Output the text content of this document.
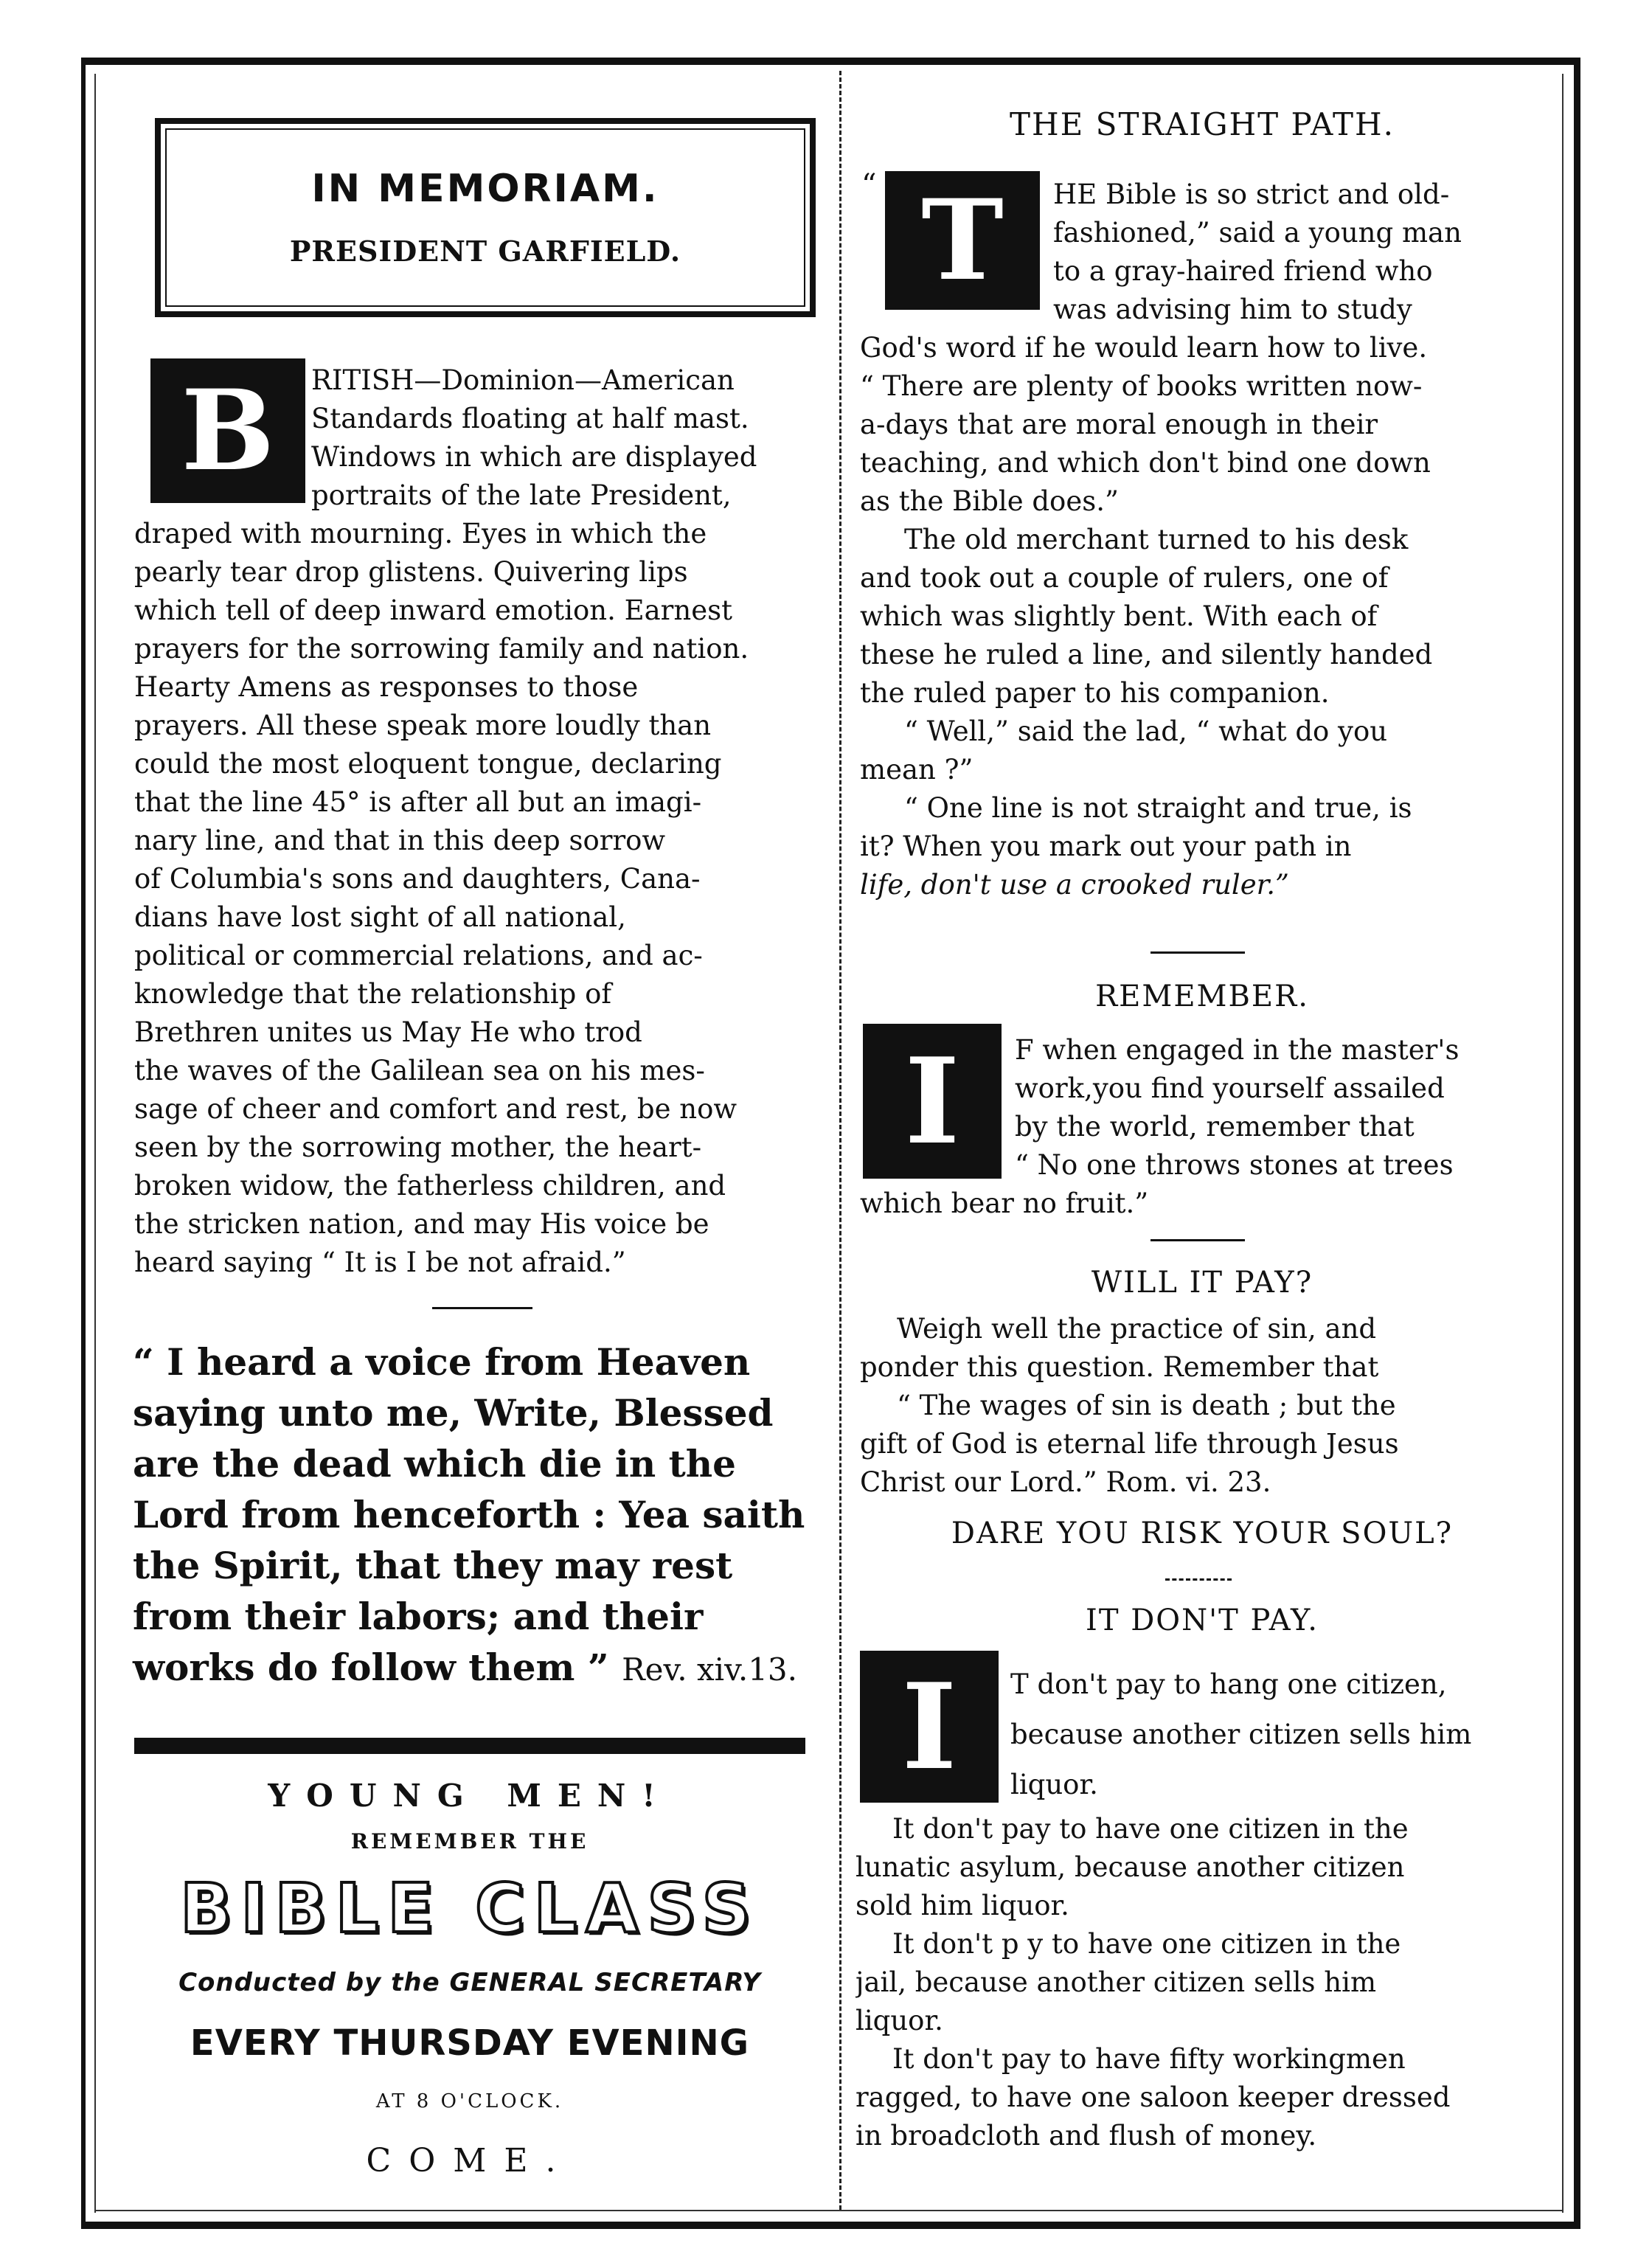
IN MEMORIAM.
PRESIDENT GARFIELD.
B	RITISH—Dominion—American
Standards floating at half mast.
Windows in which are displayed
portraits of the late President,
draped with mourning. Eyes in which the
pearly tear drop glistens. Quivering lips
which tell of deep inward emotion. Earnest
prayers for the sorrowing family and nation.
Hearty Amens as responses to those
prayers. All these speak more loudly than
could the most eloquent tongue, declaring
that the line 45° is after all but an imagi-
nary line, and that in this deep sorrow
of Columbia's sons and daughters, Cana-
dians have lost sight of all national,
political or commercial relations, and ac-
knowledge that the relationship of
Brethren unites us May He who trod
the waves of the Galilean sea on his mes-
sage of cheer and comfort and rest, be now
seen by the sorrowing mother, the heart-
broken widow, the fatherless children, and
the stricken nation, and may His voice be
heard saying “ It is I be not afraid.”
“ I heard a voice from Heaven
saying unto me, Write, Blessed
are the dead which die in the
Lord from henceforth : Yea saith
the Spirit, that they may rest
from their labors; and their
works do follow them ” Rev. xiv.13.
YOUNG MEN!
REMEMBER THE
BIBLE CLASS
Conducted by the GENERAL SECRETARY
EVERY THURSDAY EVENING
AT 8 O'CLOCK.
COME.
THE STRAIGHT PATH.
“ T	HE Bible is so strict and old-
fashioned,” said a young man
to a gray-haired friend who
was advising him to study
God's word if he would learn how to live.
“ There are plenty of books written now-
a-days that are moral enough in their
teaching, and which don't bind one down
as the Bible does.”
The old merchant turned to his desk
and took out a couple of rulers, one of
which was slightly bent. With each of
these he ruled a line, and silently handed
the ruled paper to his companion.
“ Well,” said the lad, “ what do you
mean ?”
“ One line is not straight and true, is
it? When you mark out your path in
life, don't use a crooked ruler.”
REMEMBER.
I	F when engaged in the master's
work,you find yourself assailed
by the world, remember that
“ No one throws stones at trees
which bear no fruit.”
WILL IT PAY?
Weigh well the practice of sin, and
ponder this question. Remember that
“ The wages of sin is death ; but the
gift of God is eternal life through Jesus
Christ our Lord.” Rom. vi. 23.
DARE YOU RISK YOUR SOUL?
IT DON'T PAY.
I	T don't pay to hang one citizen,
because another citizen sells him
liquor.
It don't pay to have one citizen in the
lunatic asylum, because another citizen
sold him liquor.
It don't p y to have one citizen in the
jail, because another citizen sells him
liquor.
It don't pay to have fifty workingmen
ragged, to have one saloon keeper dressed
in broadcloth and flush of money.
